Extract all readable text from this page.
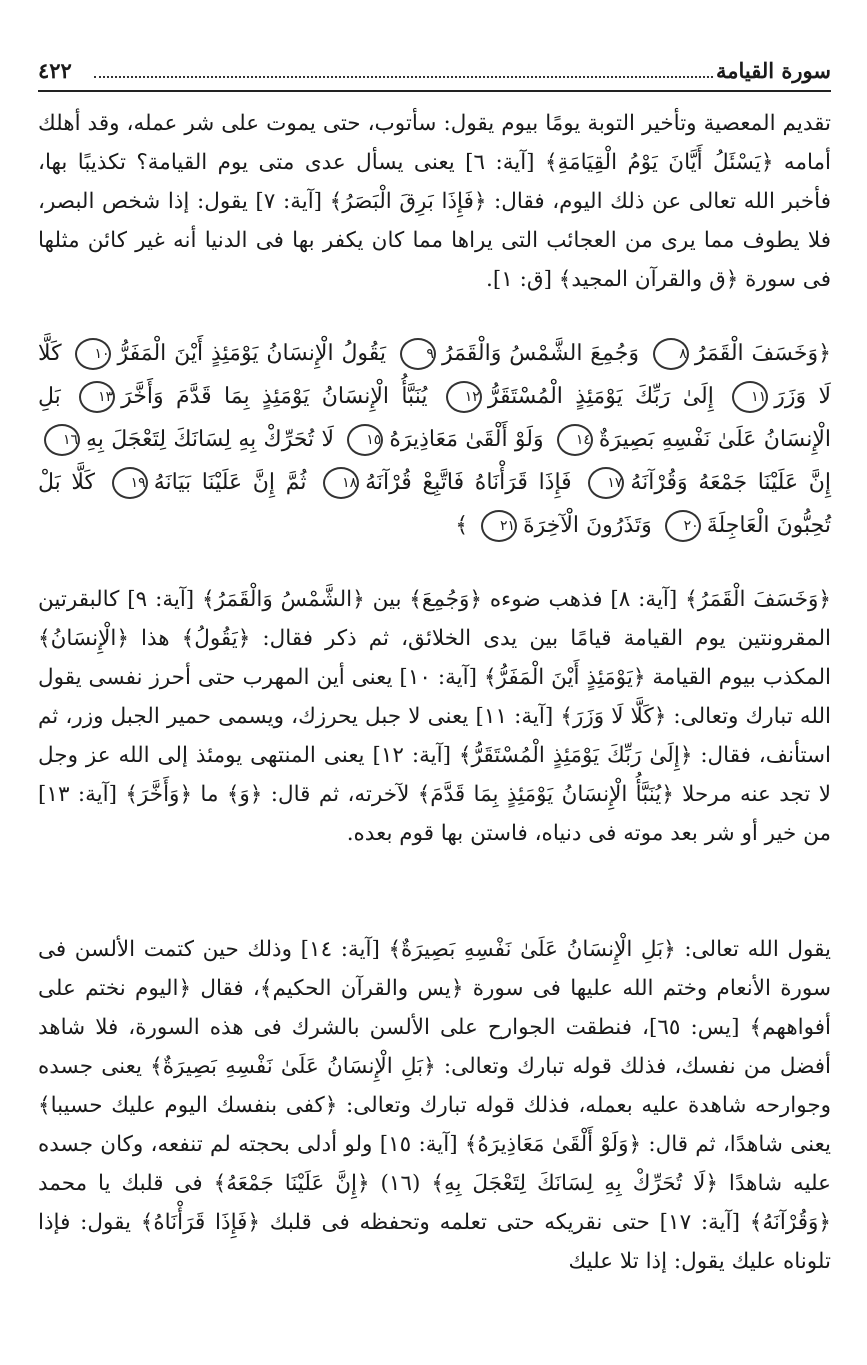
٤٢٢	سورة القيامة
تقديم المعصية وتأخير التوبة يومًا بيوم يقول: سأتوب، حتى يموت على شر عمله، وقد أهلك أمامه ﴿يَسْئَلُ أَيَّانَ يَوْمُ الْقِيَامَةِ﴾ [آية: ٦] يعنى يسأل عدى متى يوم القيامة؟ تكذيبًا بها، فأخبر الله تعالى عن ذلك اليوم، فقال: ﴿فَإِذَا بَرِقَ الْبَصَرُ﴾ [آية: ٧] يقول: إذا شخص البصر، فلا يطوف مما يرى من العجائب التى يراها مما كان يكفر بها فى الدنيا أنه غير كائن مثلها فى سورة ﴿ق والقرآن المجيد﴾ [ق: ١].
﴿وَخَسَفَ الْقَمَرُ٨ وَجُمِعَ الشَّمْسُ وَالْقَمَرُ٩ يَقُولُ الْإِنسَانُ يَوْمَئِذٍ أَيْنَ الْمَفَرُّ١٠ كَلَّا لَا وَزَرَ١١ إِلَىٰ رَبِّكَ يَوْمَئِذٍ الْمُسْتَقَرُّ١٢ يُنَبَّأُ الْإِنسَانُ يَوْمَئِذٍ بِمَا قَدَّمَ وَأَخَّرَ١٣ بَلِ الْإِنسَانُ عَلَىٰ نَفْسِهِ بَصِيرَةٌ١٤ وَلَوْ أَلْقَىٰ مَعَاذِيرَهُ١٥ لَا تُحَرِّكْ بِهِ لِسَانَكَ لِتَعْجَلَ بِهِ١٦ إِنَّ عَلَيْنَا جَمْعَهُ وَقُرْآنَهُ١٧ فَإِذَا قَرَأْنَاهُ فَاتَّبِعْ قُرْآنَهُ١٨ ثُمَّ إِنَّ عَلَيْنَا بَيَانَهُ١٩ كَلَّا بَلْ تُحِبُّونَ الْعَاجِلَةَ٢٠ وَتَذَرُونَ الْآخِرَةَ٢١ ﴾
﴿وَخَسَفَ الْقَمَرُ﴾ [آية: ٨] فذهب ضوءه ﴿وَجُمِعَ﴾ بين ﴿الشَّمْسُ وَالْقَمَرُ﴾ [آية: ٩] كالبقرتين المقرونتين يوم القيامة قيامًا بين يدى الخلائق، ثم ذكر فقال: ﴿يَقُولُ﴾ هذا ﴿الْإِنسَانُ﴾ المكذب بيوم القيامة ﴿يَوْمَئِذٍ أَيْنَ الْمَفَرُّ﴾ [آية: ١٠] يعنى أين المهرب حتى أحرز نفسى يقول الله تبارك وتعالى: ﴿كَلَّا لَا وَزَرَ﴾ [آية: ١١] يعنى لا جبل يحرزك، ويسمى حمير الجبل وزر، ثم استأنف، فقال: ﴿إِلَىٰ رَبِّكَ يَوْمَئِذٍ الْمُسْتَقَرُّ﴾ [آية: ١٢] يعنى المنتهى يومئذ إلى الله عز وجل لا تجد عنه مرحلا ﴿يُنَبَّأُ الْإِنسَانُ يَوْمَئِذٍ بِمَا قَدَّمَ﴾ لآخرته، ثم قال: ﴿وَ﴾ ما ﴿وَأَخَّرَ﴾ [آية: ١٣] من خير أو شر بعد موته فى دنياه، فاستن بها قوم بعده.
يقول الله تعالى: ﴿بَلِ الْإِنسَانُ عَلَىٰ نَفْسِهِ بَصِيرَةٌ﴾ [آية: ١٤] وذلك حين كتمت الألسن فى سورة الأنعام وختم الله عليها فى سورة ﴿يس والقرآن الحكيم﴾، فقال ﴿اليوم نختم على أفواههم﴾ [يس: ٦٥]، فنطقت الجوارح على الألسن بالشرك فى هذه السورة، فلا شاهد أفضل من نفسك، فذلك قوله تبارك وتعالى: ﴿بَلِ الْإِنسَانُ عَلَىٰ نَفْسِهِ بَصِيرَةٌ﴾ يعنى جسده وجوارحه شاهدة عليه بعمله، فذلك قوله تبارك وتعالى: ﴿كفى بنفسك اليوم عليك حسيبا﴾ يعنى شاهدًا، ثم قال: ﴿وَلَوْ أَلْقَىٰ مَعَاذِيرَهُ﴾ [آية: ١٥] ولو أدلى بحجته لم تنفعه، وكان جسده عليه شاهدًا ﴿لَا تُحَرِّكْ بِهِ لِسَانَكَ لِتَعْجَلَ بِهِ﴾ (١٦) ﴿إِنَّ عَلَيْنَا جَمْعَهُ﴾ فى قلبك يا محمد ﴿وَقُرْآنَهُ﴾ [آية: ١٧] حتى نقريكه حتى تعلمه وتحفظه فى قلبك ﴿فَإِذَا قَرَأْنَاهُ﴾ يقول: فإذا تلوناه عليك يقول: إذا تلا عليك
